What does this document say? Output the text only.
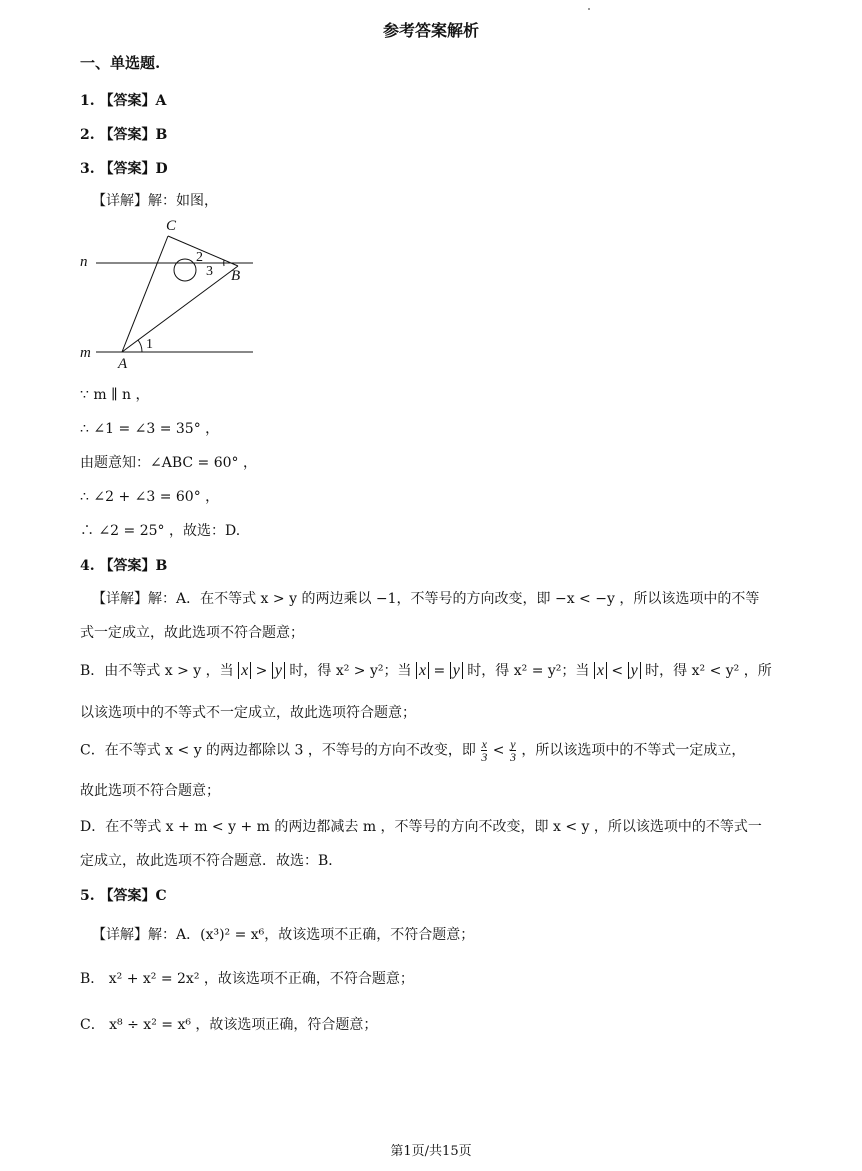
参考答案解析
一、单选题.
1. 【答案】A
2. 【答案】B
3. 【答案】D
【详解】解：如图，
C
n
B
m
A
1
2
3
∵ m ∥ n ，
∴ ∠1 = ∠3 = 35° ，
由题意知：∠ABC = 60° ，
∴ ∠2 + ∠3 = 60° ，
∴ ∠2 = 25° ，故选：D.
4. 【答案】B
【详解】解：A．在不等式 x > y 的两边乘以 −1，不等号的方向改变，即 −x < −y ，所以该选项中的不等
式一定成立，故此选项不符合题意；
B．由不等式 x > y ，当 x > y 时，得 x² > y²；当 x = y 时，得 x² = y²；当 x < y 时，得 x² < y² ，所
以该选项中的不等式不一定成立，故此选项符合题意；
C．在不等式 x < y 的两边都除以 3 ，不等号的方向不改变，即 $\frac{x}{3} < \frac{y}{3}$ ，所以该选项中的不等式一定成立，
故此选项不符合题意；
D．在不等式 x + m < y + m 的两边都减去 m ，不等号的方向不改变，即 x < y ，所以该选项中的不等式一
定成立，故此选项不符合题意．故选：B．
5. 【答案】C
【详解】解：A．(x³)² = x⁶，故该选项不正确，不符合题意；
B． x² + x² = 2x² ，故该选项不正确，不符合题意；
C． x⁸ ÷ x² = x⁶ ，故该选项正确，符合题意；
第1页/共15页
